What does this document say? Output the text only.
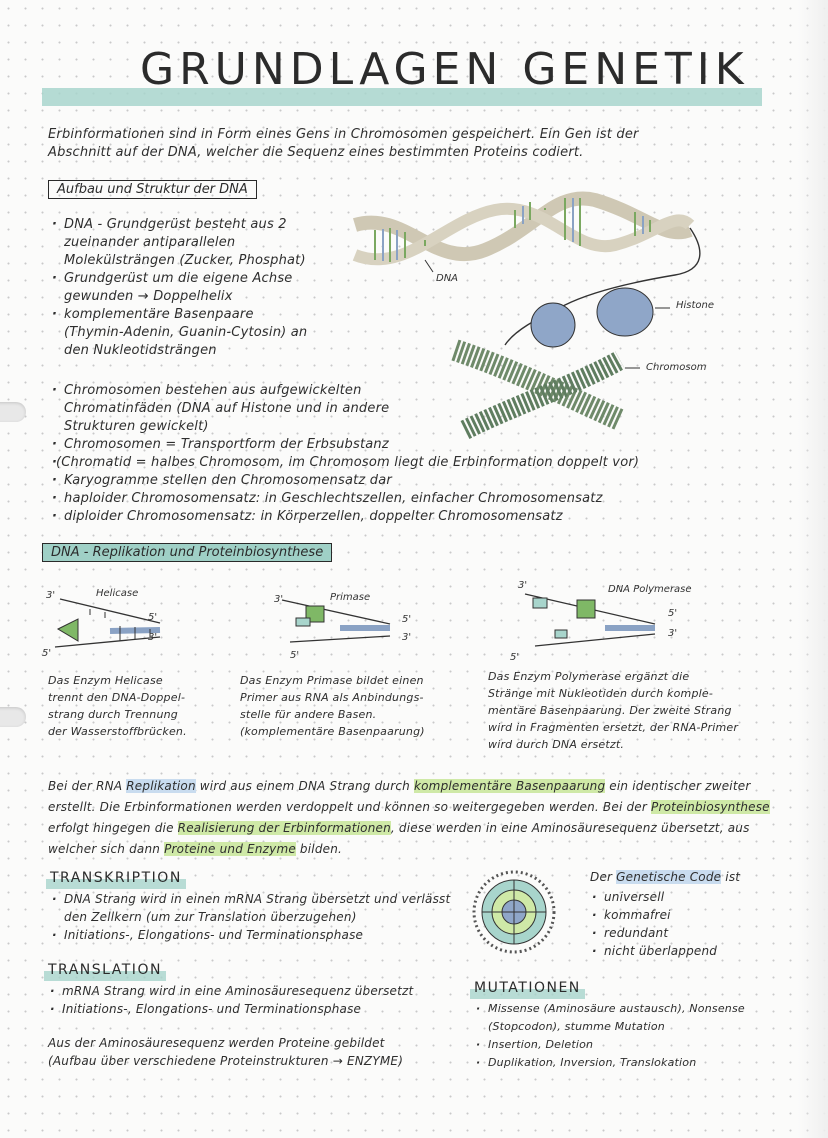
GRUNDLAGEN GENETIK
Erbinformationen sind in Form eines Gens in Chromosomen gespeichert. Ein Gen ist der
Abschnitt auf der DNA, welcher die Sequenz eines bestimmten Proteins codiert.
Aufbau und Struktur der DNA
· DNA - Grundgerüst besteht aus 2 zueinander antiparallelen Molekülsträngen (Zucker, Phosphat)
· Grundgerüst um die eigene Achse gewunden → Doppelhelix
· komplementäre Basenpaare (Thymin-Adenin, Guanin-Cytosin) an den Nukleotidsträngen
DNA
Histone
Chromosom
· Chromosomen bestehen aus aufgewickelten Chromatinfäden (DNA auf Histone und in andere Strukturen gewickelt)
· Chromosomen = Transportform der Erbsubstanz
· (Chromatid = halbes Chromosom, im Chromosom liegt die Erbinformation doppelt vor)
· Karyogramme stellen den Chromosomensatz dar
· haploider Chromosomensatz: in Geschlechtszellen, einfacher Chromosomensatz
· diploider Chromosomensatz: in Körperzellen, doppelter Chromosomensatz
DNA - Replikation und Proteinbiosynthese
Helicase
3'
5'
3'
5'
Primase
3'
5'
3'
5'
DNA Polymerase
3'
5'
3'
5'
Das Enzym Helicase
trennt den DNA-Doppel-
strang durch Trennung
der Wasserstoffbrücken.
Das Enzym Primase bildet einen
Primer aus RNA als Anbindungs-
stelle für andere Basen.
(komplementäre Basenpaarung)
Das Enzym Polymerase ergänzt die
Stränge mit Nukleotiden durch komple-
mentäre Basenpaarung. Der zweite Strang
wird in Fragmenten ersetzt, der RNA-Primer
wird durch DNA ersetzt.
Bei der RNA Replikation wird aus einem DNA Strang durch komplementäre Basenpaarung ein identischer zweiter erstellt. Die Erbinformationen werden verdoppelt und können so weitergegeben werden. Bei der Proteinbiosynthese erfolgt hingegen die Realisierung der Erbinformationen, diese werden in eine Aminosäuresequenz übersetzt, aus welcher sich dann Proteine und Enzyme bilden.
TRANSKRIPTION
· DNA Strang wird in einen mRNA Strang übersetzt und verlässt den Zellkern (um zur Translation überzugehen)
· Initiations-, Elongations- und Terminationsphase
Der Genetische Code ist
· universell
· kommafrei
· redundant
· nicht überlappend
TRANSLATION
· mRNA Strang wird in eine Aminosäuresequenz übersetzt
· Initiations-, Elongations- und Terminationsphase
Aus der Aminosäuresequenz werden Proteine gebildet
(Aufbau über verschiedene Proteinstrukturen → ENZYME)
MUTATIONEN
· Missense (Aminosäure austausch), Nonsense (Stopcodon), stumme Mutation
· Insertion, Deletion
· Duplikation, Inversion, Translokation
